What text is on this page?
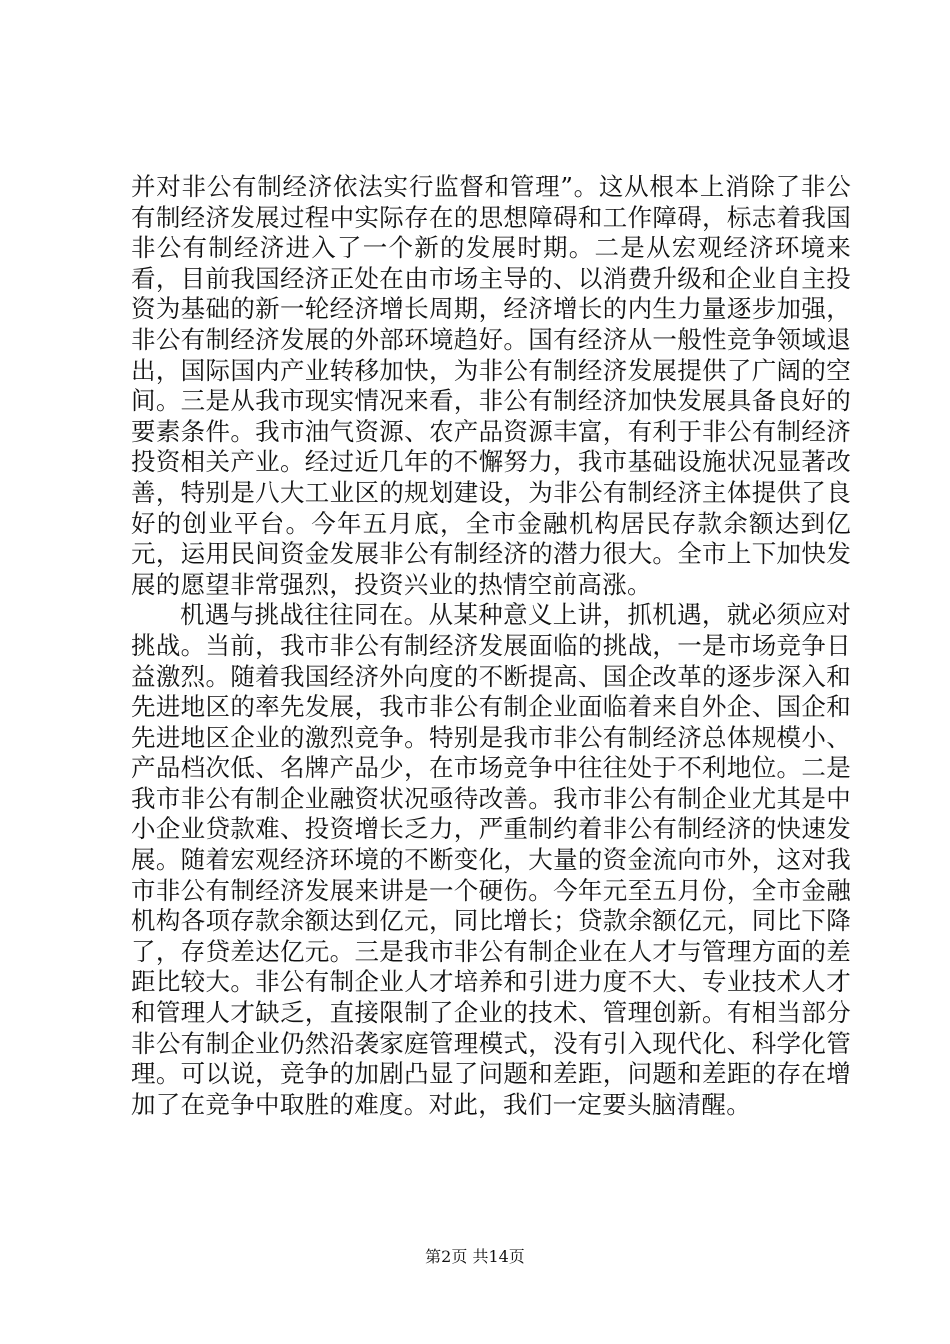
并对非公有制经济依法实行监督和管理”。这从根本上消除了非公有制经济发展过程中实际存在的思想障碍和工作障碍，标志着我国非公有制经济进入了一个新的发展时期。二是从宏观经济环境来看，目前我国经济正处在由市场主导的、以消费升级和企业自主投资为基础的新一轮经济增长周期，经济增长的内生力量逐步加强，非公有制经济发展的外部环境趋好。国有经济从一般性竞争领域退出，国际国内产业转移加快，为非公有制经济发展提供了广阔的空间。三是从我市现实情况来看，非公有制经济加快发展具备良好的要素条件。我市油气资源、农产品资源丰富，有利于非公有制经济投资相关产业。经过近几年的不懈努力，我市基础设施状况显著改善，特别是八大工业区的规划建设，为非公有制经济主体提供了良好的创业平台。今年五月底，全市金融机构居民存款余额达到亿元，运用民间资金发展非公有制经济的潜力很大。全市上下加快发展的愿望非常强烈，投资兴业的热情空前高涨。

机遇与挑战往往同在。从某种意义上讲，抓机遇，就必须应对挑战。当前，我市非公有制经济发展面临的挑战，一是市场竞争日益激烈。随着我国经济外向度的不断提高、国企改革的逐步深入和先进地区的率先发展，我市非公有制企业面临着来自外企、国企和先进地区企业的激烈竞争。特别是我市非公有制经济总体规模小、产品档次低、名牌产品少，在市场竞争中往往处于不利地位。二是我市非公有制企业融资状况亟待改善。我市非公有制企业尤其是中小企业贷款难、投资增长乏力，严重制约着非公有制经济的快速发展。随着宏观经济环境的不断变化，大量的资金流向市外，这对我市非公有制经济发展来讲是一个硬伤。今年元至五月份，全市金融机构各项存款余额达到亿元，同比增长；贷款余额亿元，同比下降了，存贷差达亿元。三是我市非公有制企业在人才与管理方面的差距比较大。非公有制企业人才培养和引进力度不大、专业技术人才和管理人才缺乏，直接限制了企业的技术、管理创新。有相当部分非公有制企业仍然沿袭家庭管理模式，没有引入现代化、科学化管理。可以说，竞争的加剧凸显了问题和差距，问题和差距的存在增加了在竞争中取胜的难度。对此，我们一定要头脑清醒。

第2页 共14页
